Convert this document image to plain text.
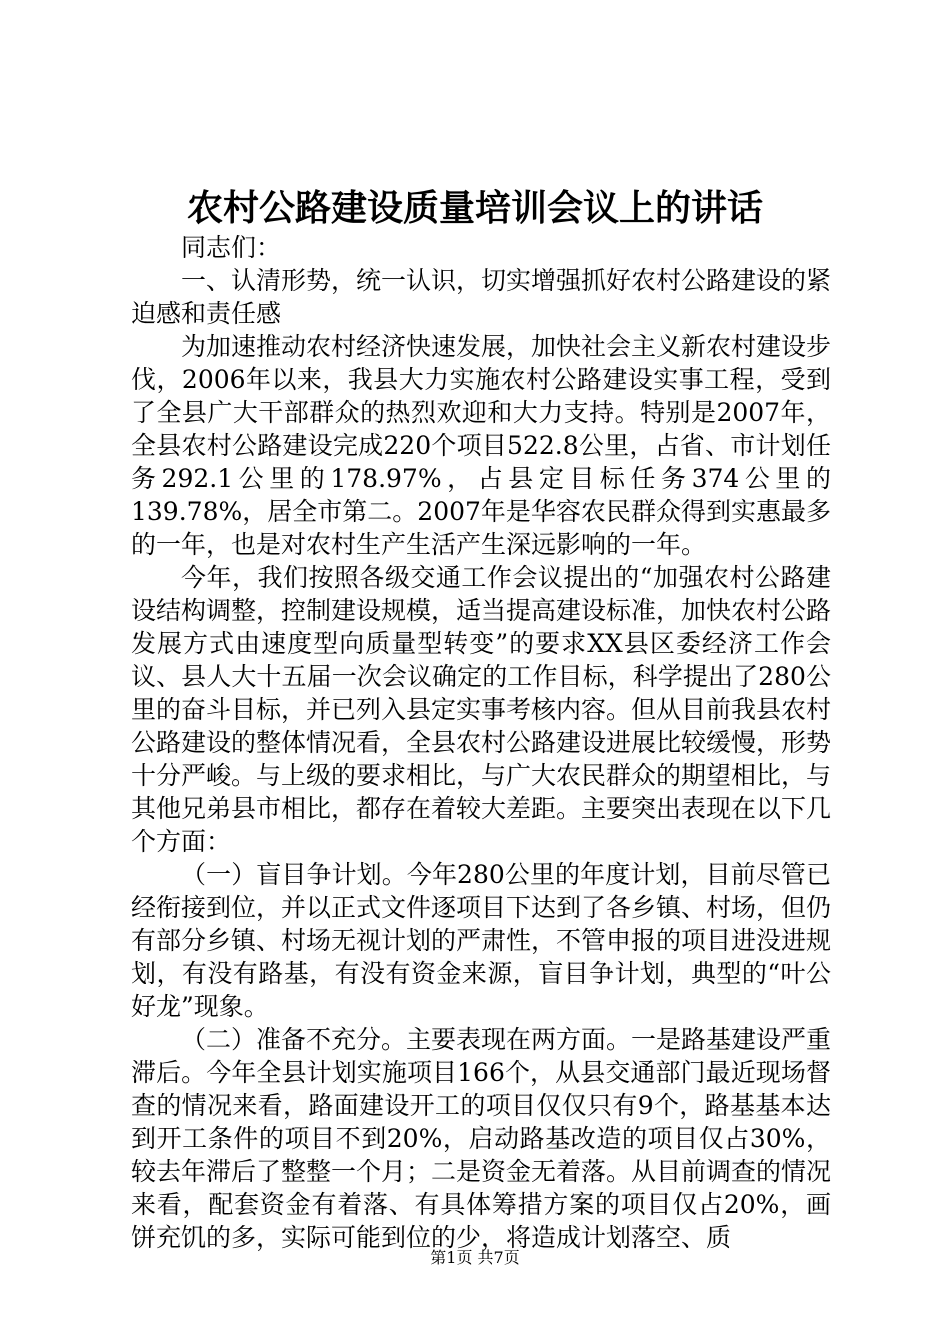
农村公路建设质量培训会议上的讲话

同志们：

一、认清形势，统一认识，切实增强抓好农村公路建设的紧迫感和责任感

为加速推动农村经济快速发展，加快社会主义新农村建设步伐，2006年以来，我县大力实施农村公路建设实事工程，受到了全县广大干部群众的热烈欢迎和大力支持。特别是2007年，全县农村公路建设完成220个项目522.8公里，占省、市计划任务292.1公里的178.97%，占县定目标任务374公里的139.78%，居全市第二。2007年是华容农民群众得到实惠最多的一年，也是对农村生产生活产生深远影响的一年。

今年，我们按照各级交通工作会议提出的“加强农村公路建设结构调整，控制建设规模，适当提高建设标准，加快农村公路发展方式由速度型向质量型转变”的要求XX县区委经济工作会议、县人大十五届一次会议确定的工作目标，科学提出了280公里的奋斗目标，并已列入县定实事考核内容。但从目前我县农村公路建设的整体情况看，全县农村公路建设进展比较缓慢，形势十分严峻。与上级的要求相比，与广大农民群众的期望相比，与其他兄弟县市相比，都存在着较大差距。主要突出表现在以下几个方面：

（一）盲目争计划。今年280公里的年度计划，目前尽管已经衔接到位，并以正式文件逐项目下达到了各乡镇、村场，但仍有部分乡镇、村场无视计划的严肃性，不管申报的项目进没进规划，有没有路基，有没有资金来源，盲目争计划，典型的“叶公好龙”现象。

（二）准备不充分。主要表现在两方面。一是路基建设严重滞后。今年全县计划实施项目166个，从县交通部门最近现场督查的情况来看，路面建设开工的项目仅仅只有9个，路基基本达到开工条件的项目不到20%，启动路基改造的项目仅占30%，较去年滞后了整整一个月；二是资金无着落。从目前调查的情况来看，配套资金有着落、有具体筹措方案的项目仅占20%，画饼充饥的多，实际可能到位的少，将造成计划落空、质

第1页 共7页
